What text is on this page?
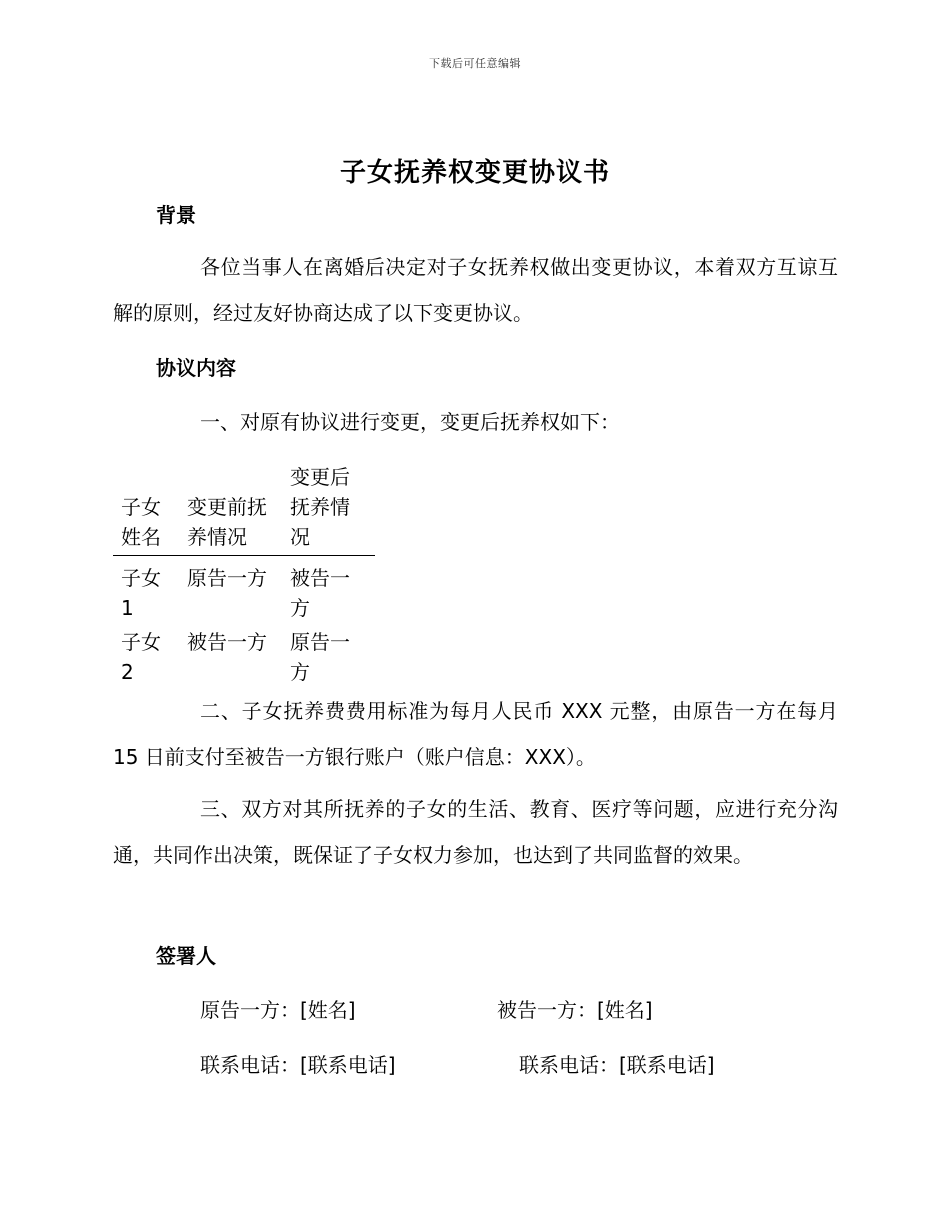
下载后可任意编辑
子女抚养权变更协议书
背景

各位当事人在离婚后决定对子女抚养权做出变更协议，本着双方互谅互解的原则，经过友好协商达成了以下变更协议。

协议内容

一、对原有协议进行变更，变更后抚养权如下：

子女姓名	变更前抚养情况	变更后抚养情况
子女1	原告一方	被告一方
子女2	被告一方	原告一方

二、子女抚养费费用标准为每月人民币 XXX 元整，由原告一方在每月 15 日前支付至被告一方银行账户（账户信息：XXX）。

三、双方对其所抚养的子女的生活、教育、医疗等问题，应进行充分沟通，共同作出决策，既保证了子女权力参加，也达到了共同监督的效果。

签署人

原告一方：[姓名]	被告一方：[姓名]

联系电话：[联系电话]	联系电话：[联系电话]
